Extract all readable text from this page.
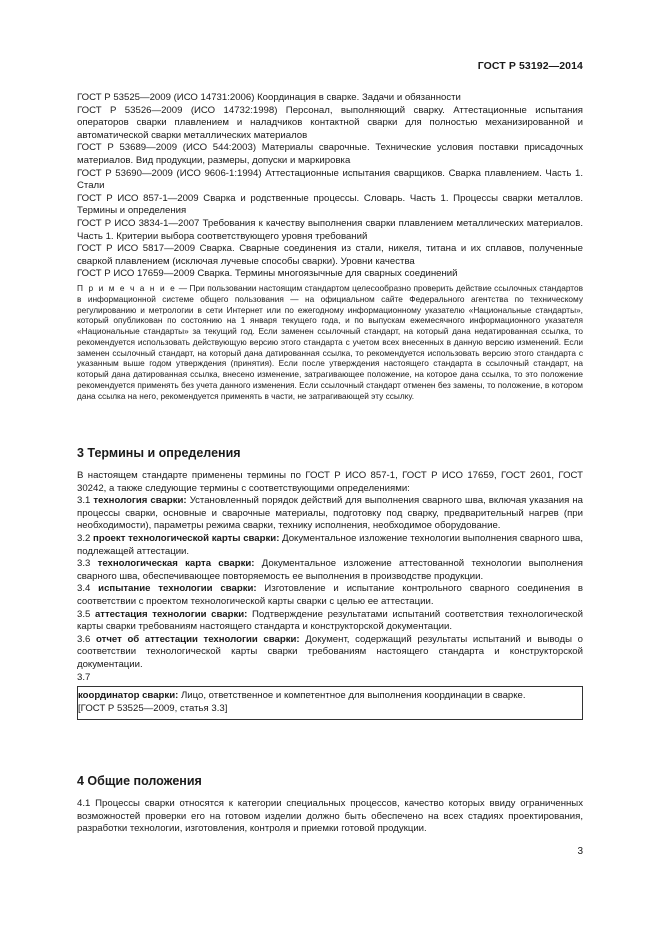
ГОСТ Р 53192—2014

ГОСТ Р 53525—2009 (ИСО 14731:2006) Координация в сварке. Задачи и обязанности

ГОСТ Р 53526—2009 (ИСО 14732:1998) Персонал, выполняющий сварку. Аттестационные испытания операторов сварки плавлением и наладчиков контактной сварки для полностью механизированной и автоматической сварки металлических материалов

ГОСТ Р 53689—2009 (ИСО 544:2003) Материалы сварочные. Технические условия поставки присадочных материалов. Вид продукции, размеры, допуски и маркировка

ГОСТ Р 53690—2009 (ИСО 9606-1:1994) Аттестационные испытания сварщиков. Сварка плавлением. Часть 1. Стали

ГОСТ Р ИСО 857-1—2009 Сварка и родственные процессы. Словарь. Часть 1. Процессы сварки металлов. Термины и определения

ГОСТ Р ИСО 3834-1—2007 Требования к качеству выполнения сварки плавлением металлических материалов. Часть 1. Критерии выбора соответствующего уровня требований

ГОСТ Р ИСО 5817—2009 Сварка. Сварные соединения из стали, никеля, титана и их сплавов, полученные сваркой плавлением (исключая лучевые способы сварки). Уровни качества

ГОСТ Р ИСО 17659—2009 Сварка. Термины многоязычные для сварных соединений

П р и м е ч а н и е — При пользовании настоящим стандартом целесообразно проверить действие ссылочных стандартов в информационной системе общего пользования — на официальном сайте Федерального агентства по техническому регулированию и метрологии в сети Интернет или по ежегодному информационному указателю «Национальные стандарты», который опубликован по состоянию на 1 января текущего года, и по выпускам ежемесячного информационного указателя «Национальные стандарты» за текущий год. Если заменен ссылочный стандарт, на который дана недатированная ссылка, то рекомендуется использовать действующую версию этого стандарта с учетом всех внесенных в данную версию изменений. Если заменен ссылочный стандарт, на который дана датированная ссылка, то рекомендуется использовать версию этого стандарта с указанным выше годом утверждения (принятия). Если после утверждения настоящего стандарта в ссылочный стандарт, на который дана датированная ссылка, внесено изменение, затрагивающее положение, на которое дана ссылка, то это положение рекомендуется применять без учета данного изменения. Если ссылочный стандарт отменен без замены, то положение, в котором дана ссылка на него, рекомендуется применять в части, не затрагивающей эту ссылку.

3 Термины и определения

В настоящем стандарте применены термины по ГОСТ Р ИСО 857-1, ГОСТ Р ИСО 17659, ГОСТ 2601, ГОСТ 30242, а также следующие термины с соответствующими определениями:

3.1 технология сварки: Установленный порядок действий для выполнения сварного шва, включая указания на процессы сварки, основные и сварочные материалы, подготовку под сварку, предварительный нагрев (при необходимости), параметры режима сварки, технику исполнения, необходимое оборудование.

3.2 проект технологической карты сварки: Документальное изложение технологии выполнения сварного шва, подлежащей аттестации.

3.3 технологическая карта сварки: Документальное изложение аттестованной технологии выполнения сварного шва, обеспечивающее повторяемость ее выполнения в производстве продукции.

3.4 испытание технологии сварки: Изготовление и испытание контрольного сварного соединения в соответствии с проектом технологической карты сварки с целью ее аттестации.

3.5 аттестация технологии сварки: Подтверждение результатами испытаний соответствия технологической карты сварки требованиям настоящего стандарта и конструкторской документации.

3.6 отчет об аттестации технологии сварки: Документ, содержащий результаты испытаний и выводы о соответствии технологической карты сварки требованиям настоящего стандарта и конструкторской документации.

3.7

координатор сварки: Лицо, ответственное и компетентное для выполнения координации в сварке.

[ГОСТ Р 53525—2009, статья 3.3]

4 Общие положения

4.1 Процессы сварки относятся к категории специальных процессов, качество которых ввиду ограниченных возможностей проверки его на готовом изделии должно быть обеспечено на всех стадиях проектирования, разработки технологии, изготовления, контроля и приемки готовой продукции.

3
